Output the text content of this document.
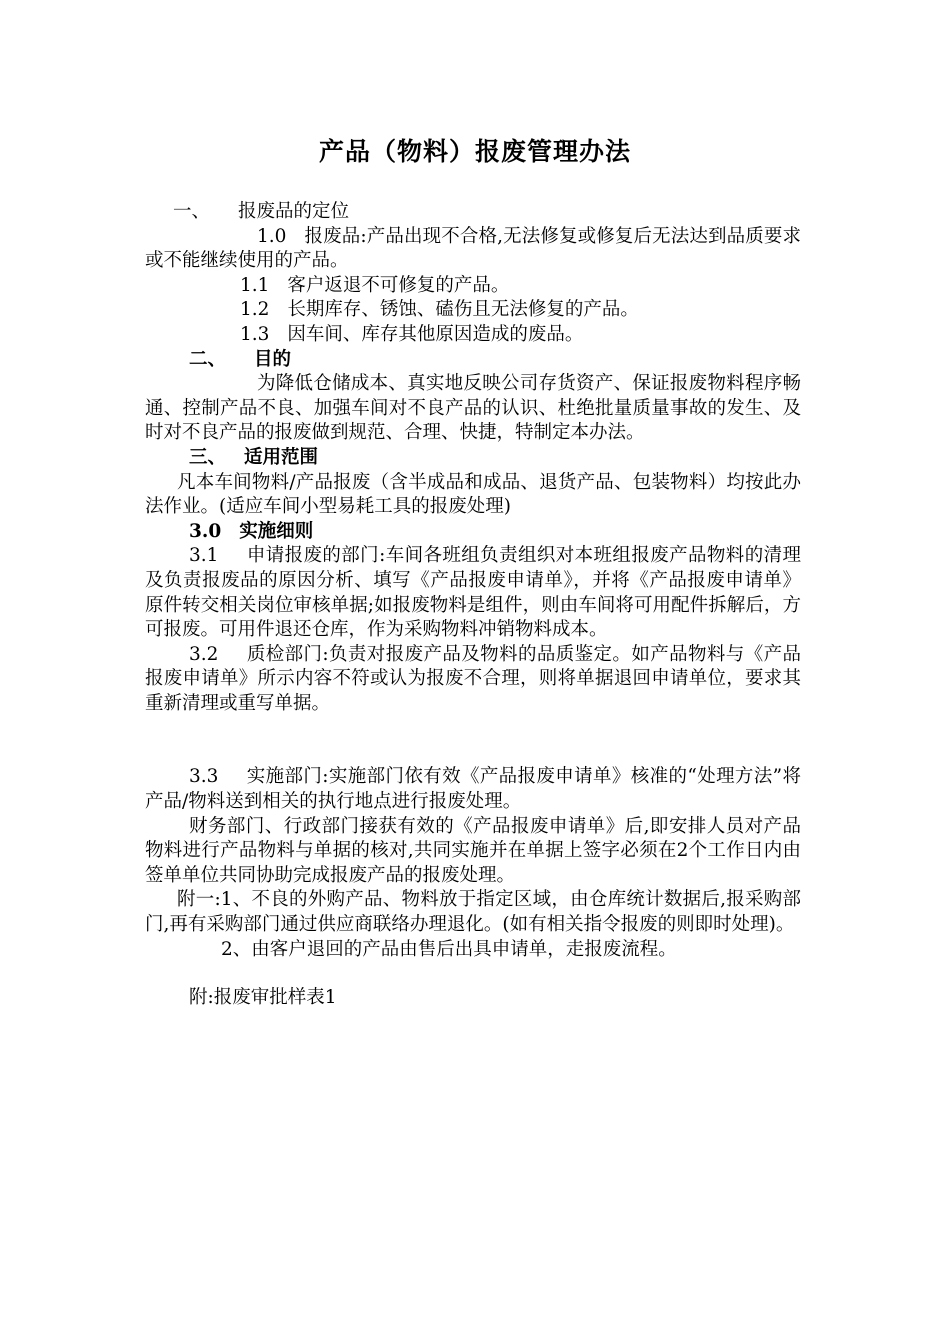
产品（物料）报废管理办法

一、 报废品的定位

1.0 报废品:产品出现不合格,无法修复或修复后无法达到品质要求或不能继续使用的产品。

1.1 客户返退不可修复的产品。

1.2 长期库存、锈蚀、磕伤且无法修复的产品。

1.3 因车间、库存其他原因造成的废品。

二、 目的

为降低仓储成本、真实地反映公司存货资产、保证报废物料程序畅通、控制产品不良、加强车间对不良产品的认识、杜绝批量质量事故的发生、及时对不良产品的报废做到规范、合理、快捷，特制定本办法。

三、 适用范围

凡本车间物料/产品报废（含半成品和成品、退货产品、包装物料）均按此办法作业。(适应车间小型易耗工具的报废处理)

3.0 实施细则

3.1 申请报废的部门:车间各班组负责组织对本班组报废产品物料的清理及负责报废品的原因分析、填写《产品报废申请单》，并将《产品报废申请单》原件转交相关岗位审核单据;如报废物料是组件，则由车间将可用配件拆解后，方可报废。可用件退还仓库，作为采购物料冲销物料成本。

3.2 质检部门:负责对报废产品及物料的品质鉴定。如产品物料与《产品报废申请单》所示内容不符或认为报废不合理，则将单据退回申请单位，要求其重新清理或重写单据。

3.3 实施部门:实施部门依有效《产品报废申请单》核准的“处理方法”将产品/物料送到相关的执行地点进行报废处理。

财务部门、行政部门接获有效的《产品报废申请单》后,即安排人员对产品物料进行产品物料与单据的核对,共同实施并在单据上签字必须在2个工作日内由签单单位共同协助完成报废产品的报废处理。

附一:1、不良的外购产品、物料放于指定区域，由仓库统计数据后,报采购部门,再有采购部门通过供应商联络办理退化。(如有相关指令报废的则即时处理)。

2、由客户退回的产品由售后出具申请单，走报废流程。

附:报废审批样表1
